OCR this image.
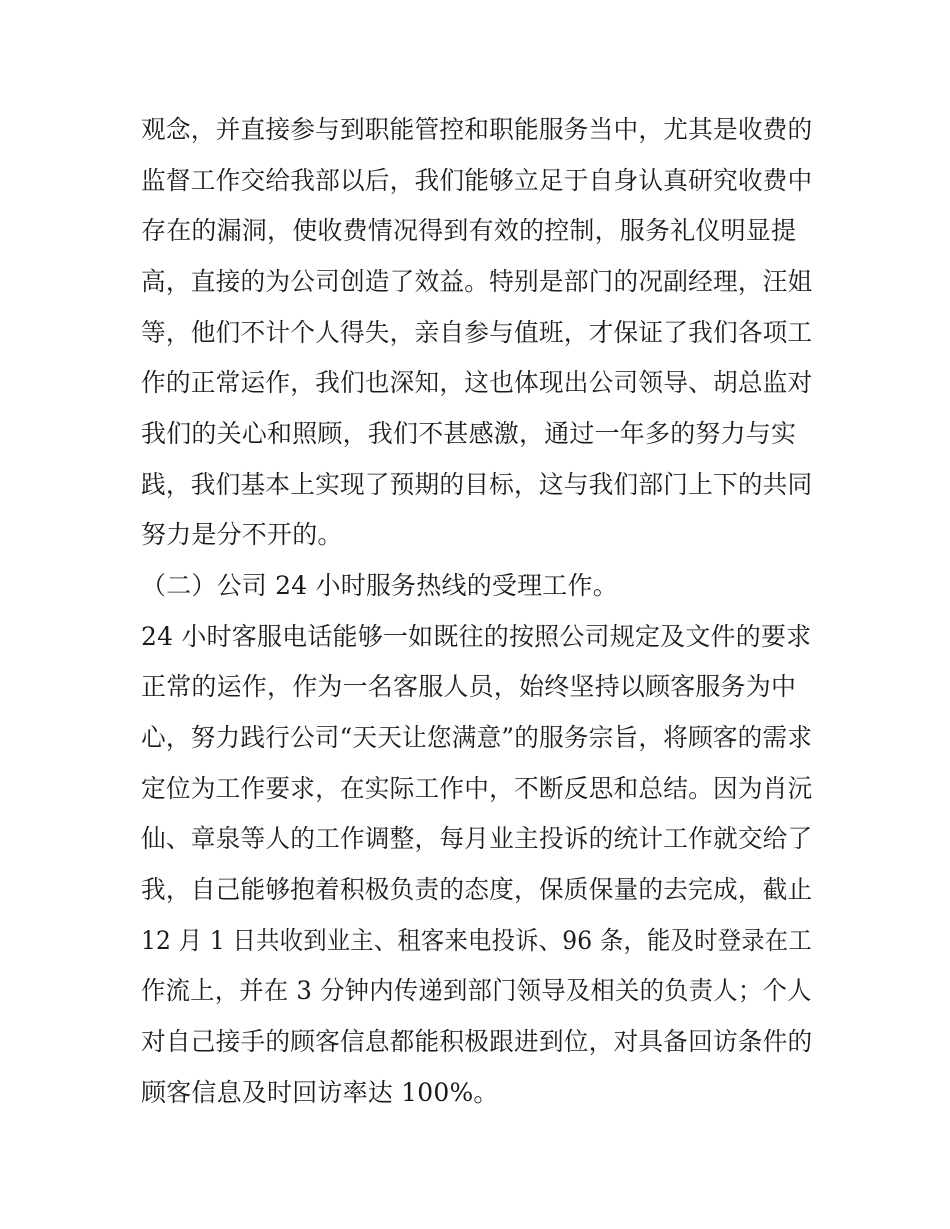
观念，并直接参与到职能管控和职能服务当中，尤其是收费的
监督工作交给我部以后，我们能够立足于自身认真研究收费中
存在的漏洞，使收费情况得到有效的控制，服务礼仪明显提
高，直接的为公司创造了效益。特别是部门的况副经理，汪姐
等，他们不计个人得失，亲自参与值班，才保证了我们各项工
作的正常运作，我们也深知，这也体现出公司领导、胡总监对
我们的关心和照顾，我们不甚感激，通过一年多的努力与实
践，我们基本上实现了预期的目标，这与我们部门上下的共同
努力是分不开的。
（二）公司 24 小时服务热线的受理工作。
24 小时客服电话能够一如既往的按照公司规定及文件的要求
正常的运作，作为一名客服人员，始终坚持以顾客服务为中
心，努力践行公司“天天让您满意”的服务宗旨，将顾客的需求
定位为工作要求，在实际工作中，不断反思和总结。因为肖沅
仙、章泉等人的工作调整，每月业主投诉的统计工作就交给了
我，自己能够抱着积极负责的态度，保质保量的去完成，截止
12 月 1 日共收到业主、租客来电投诉、96 条，能及时登录在工
作流上，并在 3 分钟内传递到部门领导及相关的负责人；个人
对自己接手的顾客信息都能积极跟进到位，对具备回访条件的
顾客信息及时回访率达 100%。
